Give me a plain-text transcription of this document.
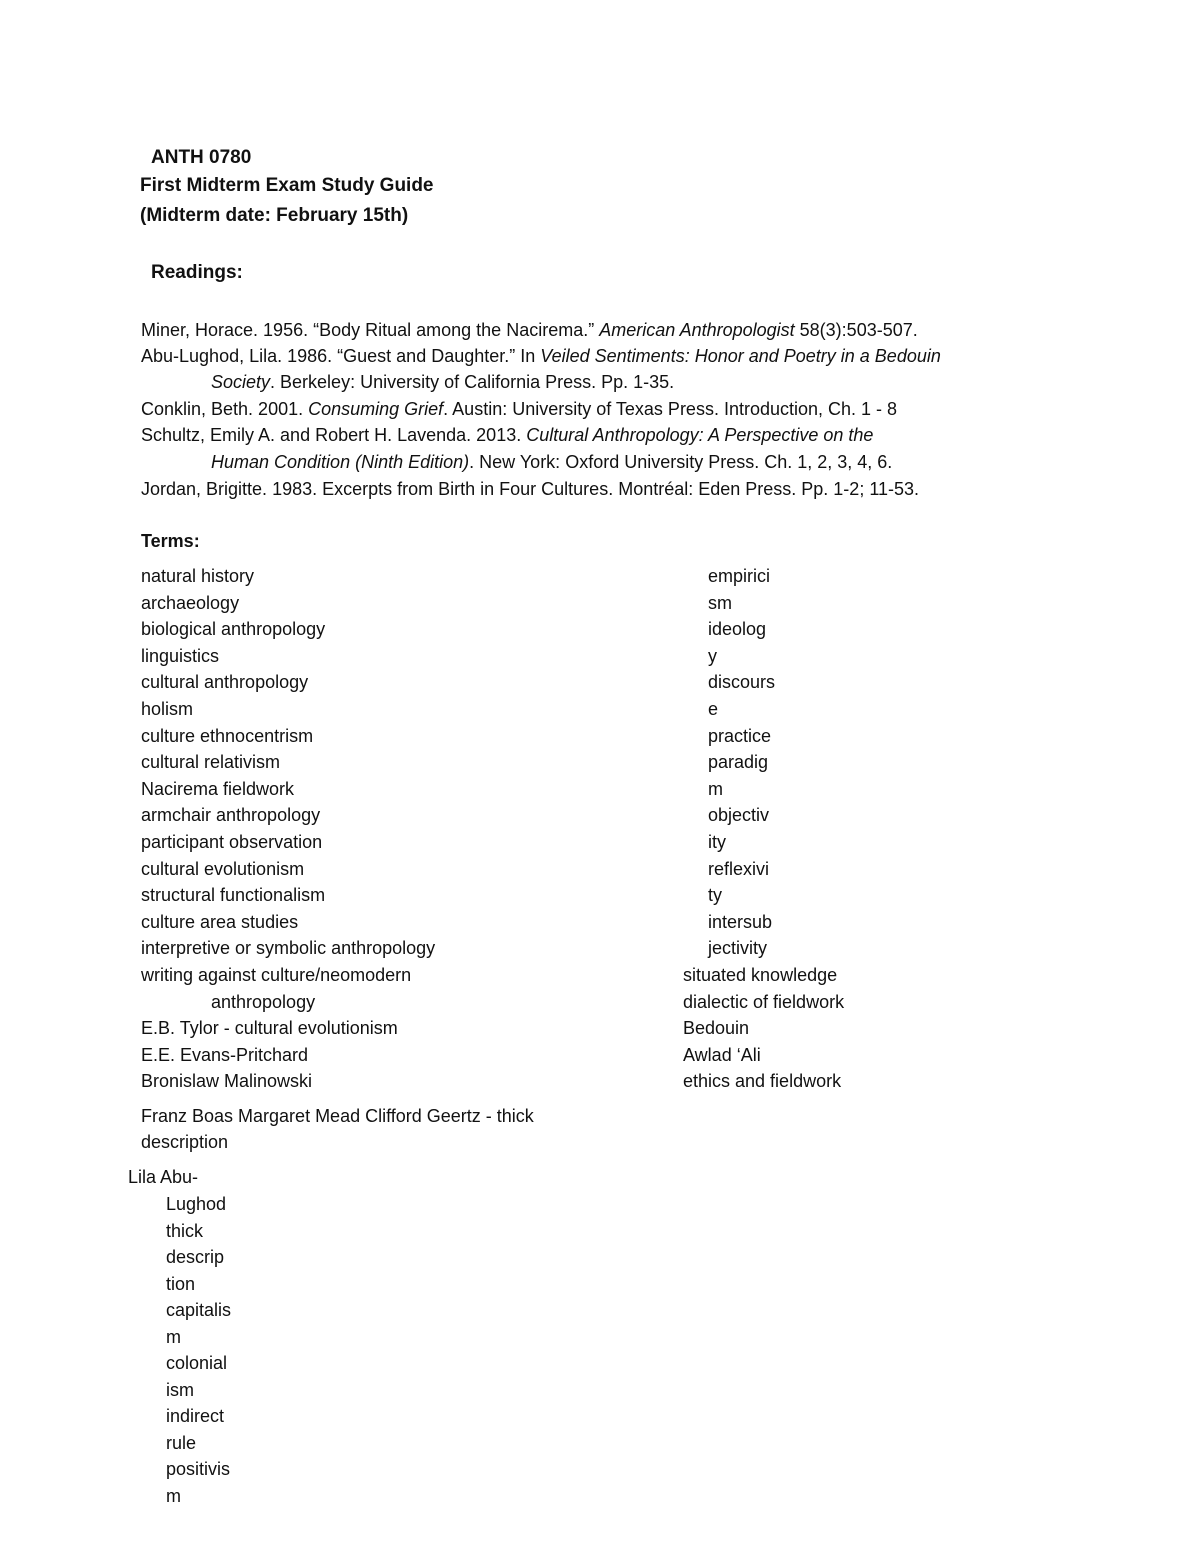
ANTH 0780
First Midterm Exam Study Guide
(Midterm date: February 15th)
Readings:
Miner, Horace. 1956. “Body Ritual among the Nacirema.” American Anthropologist 58(3):503-507.
Abu-Lughod, Lila. 1986. “Guest and Daughter.” In Veiled Sentiments: Honor and Poetry in a Bedouin
Society. Berkeley: University of California Press. Pp. 1-35.
Conklin, Beth. 2001. Consuming Grief. Austin: University of Texas Press. Introduction, Ch. 1 - 8
Schultz, Emily A. and Robert H. Lavenda. 2013. Cultural Anthropology: A Perspective on the
Human Condition (Ninth Edition). New York: Oxford University Press. Ch. 1, 2, 3, 4, 6.
Jordan, Brigitte. 1983. Excerpts from Birth in Four Cultures. Montréal: Eden Press. Pp. 1-2; 11-53.
Terms:
natural history
archaeology
biological anthropology
linguistics
cultural anthropology
holism
culture ethnocentrism
cultural relativism
Nacirema fieldwork
armchair anthropology
participant observation
cultural evolutionism
structural functionalism
culture area studies
interpretive or symbolic anthropology
writing against culture/neomodern
anthropology
E.B. Tylor - cultural evolutionism
E.E. Evans-Pritchard
Bronislaw Malinowski
empirici
sm
ideolog
y
discours
e
practice
paradig
m
objectiv
ity
reflexivi
ty
intersub
jectivity
situated knowledge
dialectic of fieldwork
Bedouin
Awlad ‘Ali
ethics and fieldwork
Franz Boas Margaret Mead Clifford Geertz - thick
description
Lila Abu-
Lughod
thick
descrip
tion
capitalis
m
colonial
ism
indirect
rule
positivis
m
